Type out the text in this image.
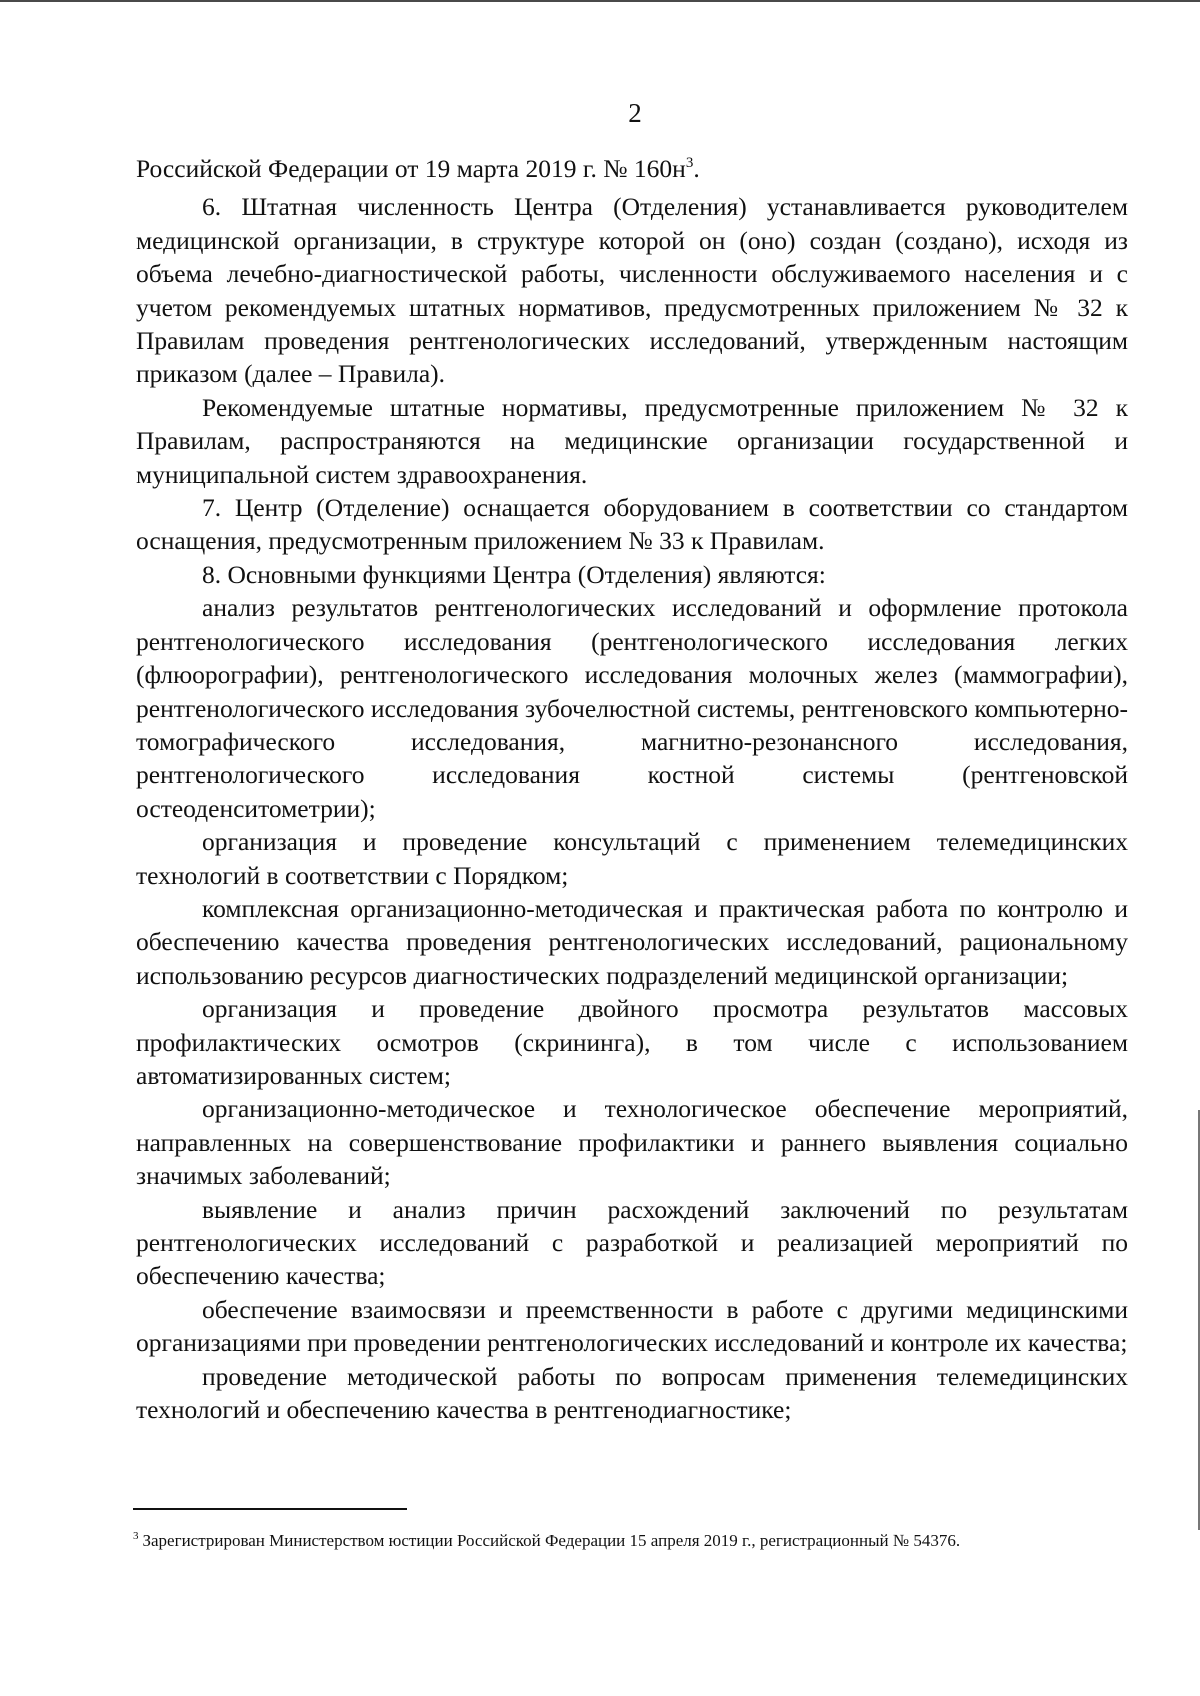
2

Российской Федерации от 19 марта 2019 г. № 160н$^3$.

6. Штатная численность Центра (Отделения) устанавливается руководителем медицинской организации, в структуре которой он (оно) создан (создано), исходя из объема лечебно-диагностической работы, численности обслуживаемого населения и с учетом рекомендуемых штатных нормативов, предусмотренных приложением № 32 к Правилам проведения рентгенологических исследований, утвержденным настоящим приказом (далее – Правила).

Рекомендуемые штатные нормативы, предусмотренные приложением № 32 к Правилам, распространяются на медицинские организации государственной и муниципальной систем здравоохранения.

7. Центр (Отделение) оснащается оборудованием в соответствии со стандартом оснащения, предусмотренным приложением № 33 к Правилам.

8. Основными функциями Центра (Отделения) являются:

анализ результатов рентгенологических исследований и оформление протокола рентгенологического исследования (рентгенологического исследования легких (флюорографии), рентгенологического исследования молочных желез (маммографии), рентгенологического исследования зубочелюстной системы, рентгеновского компьютерно-томографического исследования, магнитно-резонансного исследования, рентгенологического исследования костной системы (рентгеновской остеоденситометрии);

организация и проведение консультаций с применением телемедицинских технологий в соответствии с Порядком;

комплексная организационно-методическая и практическая работа по контролю и обеспечению качества проведения рентгенологических исследований, рациональному использованию ресурсов диагностических подразделений медицинской организации;

организация и проведение двойного просмотра результатов массовых профилактических осмотров (скрининга), в том числе с использованием автоматизированных систем;

организационно-методическое и технологическое обеспечение мероприятий, направленных на совершенствование профилактики и раннего выявления социально значимых заболеваний;

выявление и анализ причин расхождений заключений по результатам рентгенологических исследований с разработкой и реализацией мероприятий по обеспечению качества;

обеспечение взаимосвязи и преемственности в работе с другими медицинскими организациями при проведении рентгенологических исследований и контроле их качества;

проведение методической работы по вопросам применения телемедицинских технологий и обеспечению качества в рентгенодиагностике;

$^3$ Зарегистрирован Министерством юстиции Российской Федерации 15 апреля 2019 г., регистрационный № 54376.
